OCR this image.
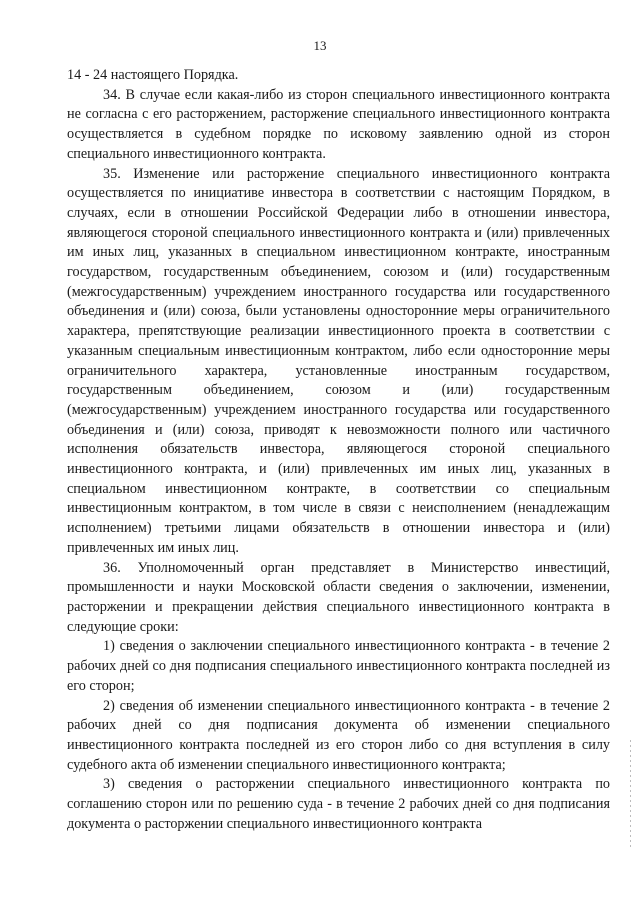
13

14 - 24 настоящего Порядка.

34. В случае если какая-либо из сторон специального инвестиционного контракта не согласна с его расторжением, расторжение специального инвестиционного контракта осуществляется в судебном порядке по исковому заявлению одной из сторон специального инвестиционного контракта.

35. Изменение или расторжение специального инвестиционного контракта осуществляется по инициативе инвестора в соответствии с настоящим Порядком, в случаях, если в отношении Российской Федерации либо в отношении инвестора, являющегося стороной специального инвестиционного контракта и (или) привлеченных им иных лиц, указанных в специальном инвестиционном контракте, иностранным государством, государственным объединением, союзом и (или) государственным (межгосударственным) учреждением иностранного государства или государственного объединения и (или) союза, были установлены односторонние меры ограничительного характера, препятствующие реализации инвестиционного проекта в соответствии с указанным специальным инвестиционным контрактом, либо если односторонние меры ограничительного характера, установленные иностранным государством, государственным объединением, союзом и (или) государственным (межгосударственным) учреждением иностранного государства или государственного объединения и (или) союза, приводят к невозможности полного или частичного исполнения обязательств инвестора, являющегося стороной специального инвестиционного контракта, и (или) привлеченных им иных лиц, указанных в специальном инвестиционном контракте, в соответствии со специальным инвестиционным контрактом, в том числе в связи с неисполнением (ненадлежащим исполнением) третьими лицами обязательств в отношении инвестора и (или) привлеченных им иных лиц.

36. Уполномоченный орган представляет в Министерство инвестиций, промышленности и науки Московской области сведения о заключении, изменении, расторжении и прекращении действия специального инвестиционного контракта в следующие сроки:

1) сведения о заключении специального инвестиционного контракта - в течение 2 рабочих дней со дня подписания специального инвестиционного контракта последней из его сторон;

2) сведения об изменении специального инвестиционного контракта - в течение 2 рабочих дней со дня подписания документа об изменении специального инвестиционного контракта последней из его сторон либо со дня вступления в силу судебного акта об изменении специального инвестиционного контракта;

3) сведения о расторжении специального инвестиционного контракта по соглашению сторон или по решению суда - в течение 2 рабочих дней со дня подписания документа о расторжении специального инвестиционного контракта
